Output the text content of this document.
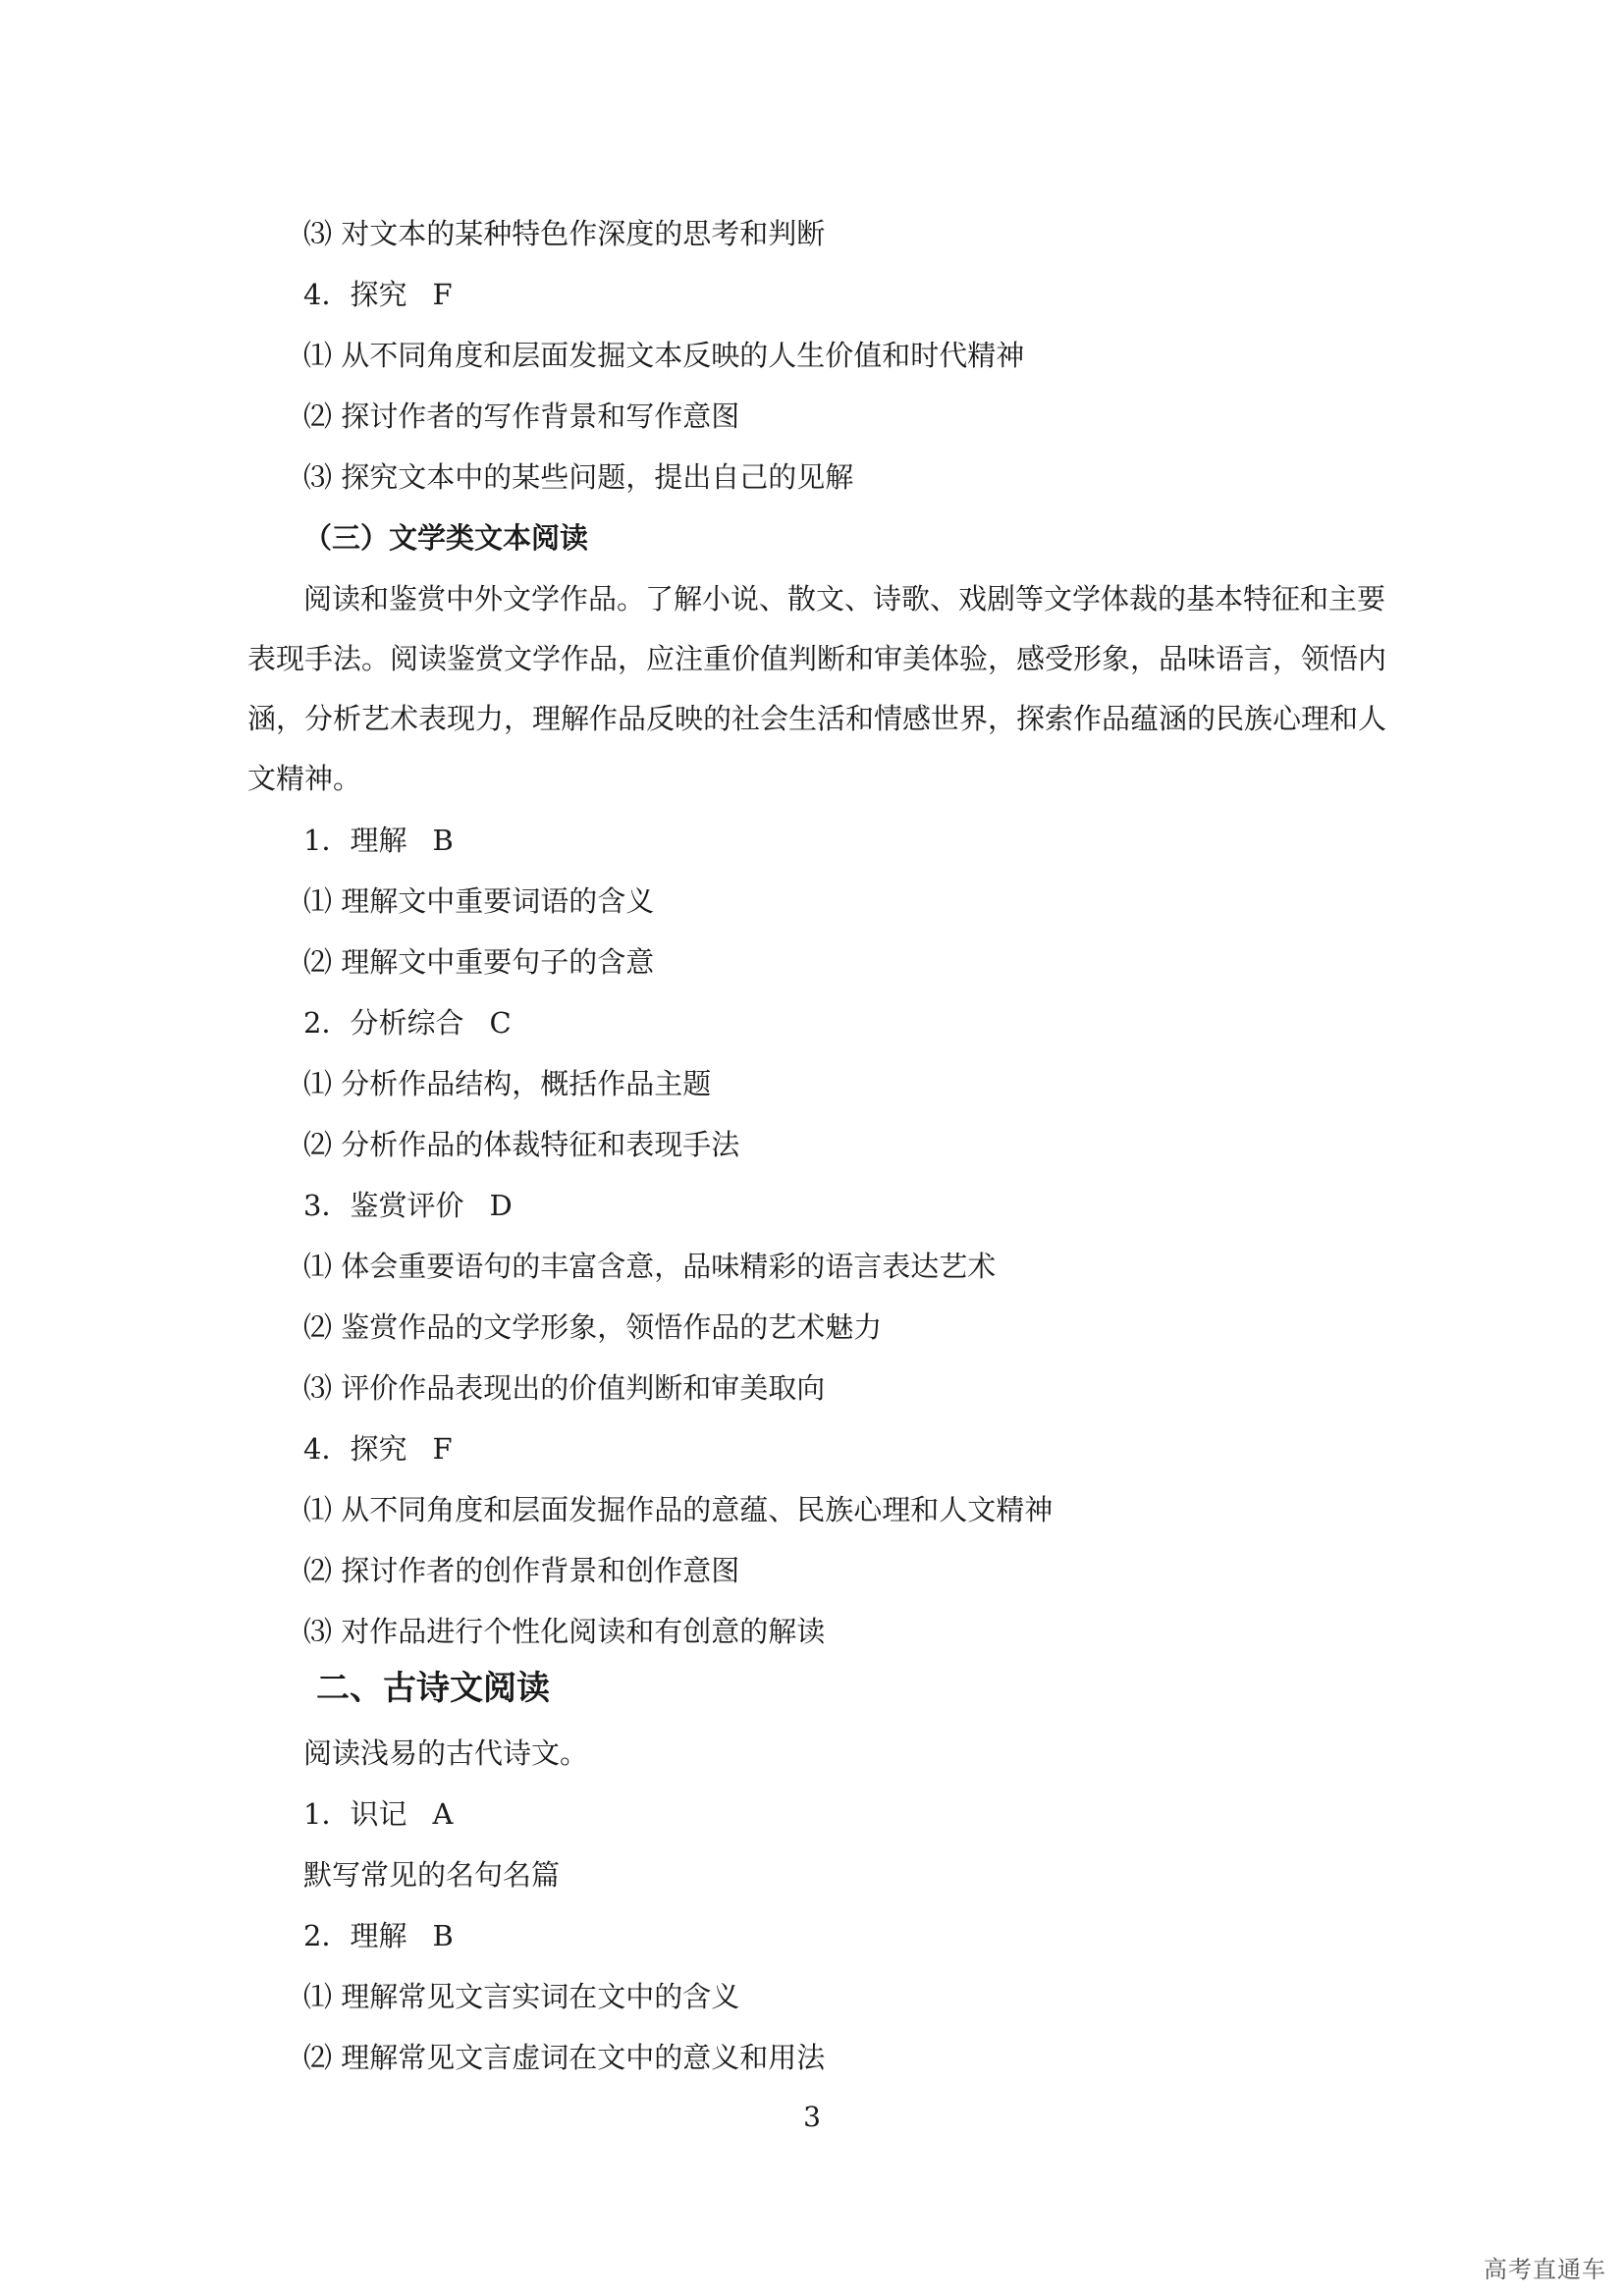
⑶ 对文本的某种特色作深度的思考和判断
4．探究 F
⑴ 从不同角度和层面发掘文本反映的人生价值和时代精神
⑵ 探讨作者的写作背景和写作意图
⑶ 探究文本中的某些问题，提出自己的见解
（三）文学类文本阅读
阅读和鉴赏中外文学作品。了解小说、散文、诗歌、戏剧等文学体裁的基本特征和主要
表现手法。阅读鉴赏文学作品，应注重价值判断和审美体验，感受形象，品味语言，领悟内
涵，分析艺术表现力，理解作品反映的社会生活和情感世界，探索作品蕴涵的民族心理和人
文精神。
1．理解 B
⑴ 理解文中重要词语的含义
⑵ 理解文中重要句子的含意
2．分析综合 C
⑴ 分析作品结构，概括作品主题
⑵ 分析作品的体裁特征和表现手法
3．鉴赏评价 D
⑴ 体会重要语句的丰富含意，品味精彩的语言表达艺术
⑵ 鉴赏作品的文学形象，领悟作品的艺术魅力
⑶ 评价作品表现出的价值判断和审美取向
4．探究 F
⑴ 从不同角度和层面发掘作品的意蕴、民族心理和人文精神
⑵ 探讨作者的创作背景和创作意图
⑶ 对作品进行个性化阅读和有创意的解读
二、古诗文阅读
阅读浅易的古代诗文。
1．识记 A
默写常见的名句名篇
2．理解 B
⑴ 理解常见文言实词在文中的含义
⑵ 理解常见文言虚词在文中的意义和用法
3
高考直通车
